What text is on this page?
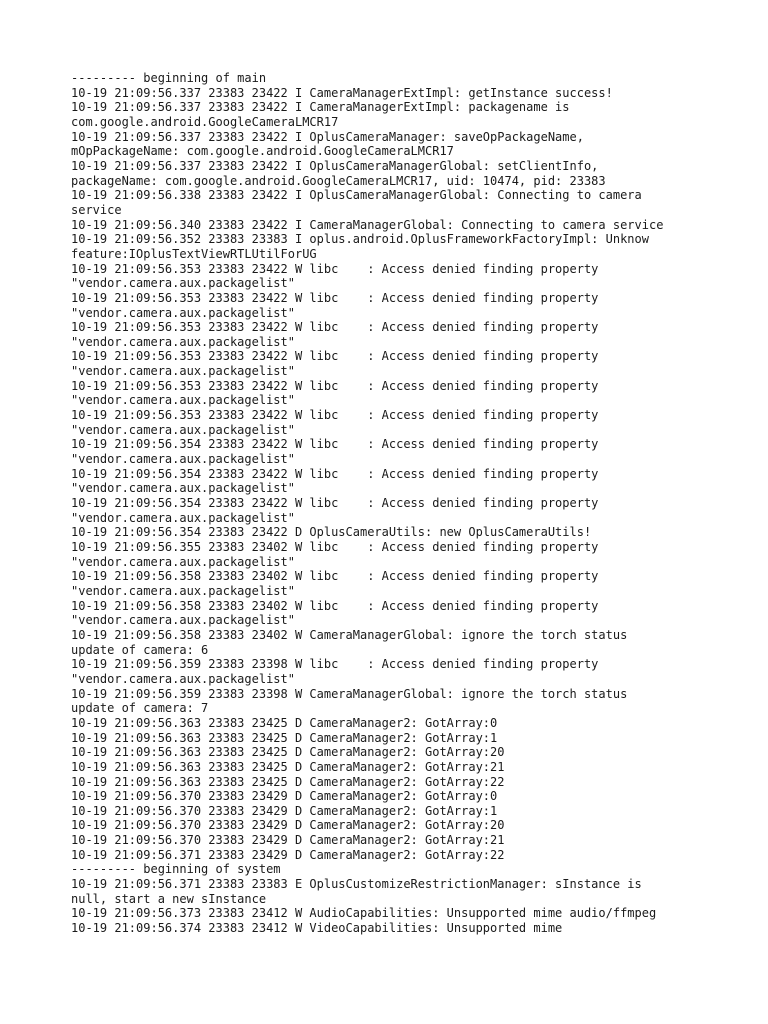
--------- beginning of main
10-19 21:09:56.337 23383 23422 I CameraManagerExtImpl: getInstance success!
10-19 21:09:56.337 23383 23422 I CameraManagerExtImpl: packagename is
com.google.android.GoogleCameraLMCR17
10-19 21:09:56.337 23383 23422 I OplusCameraManager: saveOpPackageName,
mOpPackageName: com.google.android.GoogleCameraLMCR17
10-19 21:09:56.337 23383 23422 I OplusCameraManagerGlobal: setClientInfo,
packageName: com.google.android.GoogleCameraLMCR17, uid: 10474, pid: 23383
10-19 21:09:56.338 23383 23422 I OplusCameraManagerGlobal: Connecting to camera
service
10-19 21:09:56.340 23383 23422 I CameraManagerGlobal: Connecting to camera service
10-19 21:09:56.352 23383 23383 I oplus.android.OplusFrameworkFactoryImpl: Unknow
feature:IOplusTextViewRTLUtilForUG
10-19 21:09:56.353 23383 23422 W libc    : Access denied finding property
"vendor.camera.aux.packagelist"
10-19 21:09:56.353 23383 23422 W libc    : Access denied finding property
"vendor.camera.aux.packagelist"
10-19 21:09:56.353 23383 23422 W libc    : Access denied finding property
"vendor.camera.aux.packagelist"
10-19 21:09:56.353 23383 23422 W libc    : Access denied finding property
"vendor.camera.aux.packagelist"
10-19 21:09:56.353 23383 23422 W libc    : Access denied finding property
"vendor.camera.aux.packagelist"
10-19 21:09:56.353 23383 23422 W libc    : Access denied finding property
"vendor.camera.aux.packagelist"
10-19 21:09:56.354 23383 23422 W libc    : Access denied finding property
"vendor.camera.aux.packagelist"
10-19 21:09:56.354 23383 23422 W libc    : Access denied finding property
"vendor.camera.aux.packagelist"
10-19 21:09:56.354 23383 23422 W libc    : Access denied finding property
"vendor.camera.aux.packagelist"
10-19 21:09:56.354 23383 23422 D OplusCameraUtils: new OplusCameraUtils!
10-19 21:09:56.355 23383 23402 W libc    : Access denied finding property
"vendor.camera.aux.packagelist"
10-19 21:09:56.358 23383 23402 W libc    : Access denied finding property
"vendor.camera.aux.packagelist"
10-19 21:09:56.358 23383 23402 W libc    : Access denied finding property
"vendor.camera.aux.packagelist"
10-19 21:09:56.358 23383 23402 W CameraManagerGlobal: ignore the torch status
update of camera: 6
10-19 21:09:56.359 23383 23398 W libc    : Access denied finding property
"vendor.camera.aux.packagelist"
10-19 21:09:56.359 23383 23398 W CameraManagerGlobal: ignore the torch status
update of camera: 7
10-19 21:09:56.363 23383 23425 D CameraManager2: GotArray:0
10-19 21:09:56.363 23383 23425 D CameraManager2: GotArray:1
10-19 21:09:56.363 23383 23425 D CameraManager2: GotArray:20
10-19 21:09:56.363 23383 23425 D CameraManager2: GotArray:21
10-19 21:09:56.363 23383 23425 D CameraManager2: GotArray:22
10-19 21:09:56.370 23383 23429 D CameraManager2: GotArray:0
10-19 21:09:56.370 23383 23429 D CameraManager2: GotArray:1
10-19 21:09:56.370 23383 23429 D CameraManager2: GotArray:20
10-19 21:09:56.370 23383 23429 D CameraManager2: GotArray:21
10-19 21:09:56.371 23383 23429 D CameraManager2: GotArray:22
--------- beginning of system
10-19 21:09:56.371 23383 23383 E OplusCustomizeRestrictionManager: sInstance is
null, start a new sInstance
10-19 21:09:56.373 23383 23412 W AudioCapabilities: Unsupported mime audio/ffmpeg
10-19 21:09:56.374 23383 23412 W VideoCapabilities: Unsupported mime
